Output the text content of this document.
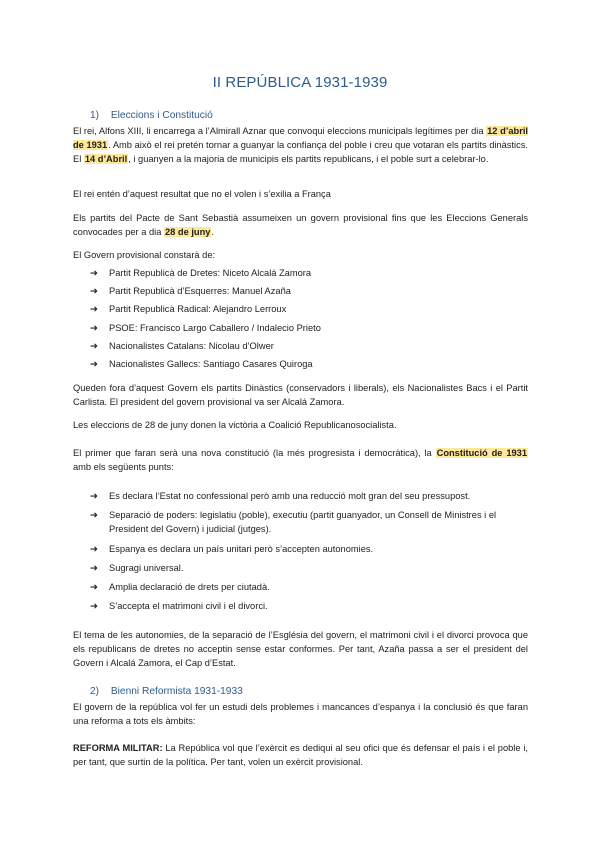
II REPÚBLICA 1931-1939
1) Eleccions i Constitució
El rei, Alfons XIII, li encarrega a l’Almirall Aznar que convoqui eleccions municipals legítimes per dia 12 d’abril de 1931. Amb això el rei pretén tornar a guanyar la confiança del poble i creu que votaran els partits dinàstics. El 14 d’Abril, i guanyen a la majoria de municipis els partits republicans, i el poble surt a celebrar-lo.
El rei entén d’aquest resultat que no el volen i s’exilia a França
Els partits del Pacte de Sant Sebastià assumeixen un govern provisional fins que les Eleccions Generals convocades per a dia 28 de juny.
El Govern provisional constarà de:
➔ Partit Republicà de Dretes: Niceto Alcalá Zamora
➔ Partit Republicà d’Esquerres: Manuel Azaña
➔ Partit Republicà Radical: Alejandro Lerroux
➔ PSOE: Francisco Largo Caballero / Indalecio Prieto
➔ Nacionalistes Catalans: Nicolau d’Olwer
➔ Nacionalistes Gallecs: Santiago Casares Quiroga
Queden fora d’aquest Govern els partits Dinàstics (conservadors i liberals), els Nacionalistes Bacs i el Partit Carlista. El president del govern provisional va ser Alcalá Zamora.
Les eleccions de 28 de juny donen la victòria a Coalició Republicanosocialista.
El primer que faran serà una nova constitució (la més progresista i democràtica), la Constitució de 1931 amb els següents punts:
➔ Es declara l’Estat no confessional però amb una reducció molt gran del seu pressupost.
➔ Separació de poders: legislatiu (poble), executiu (partit guanyador, un Consell de Ministres i el President del Govern) i judicial (jutges).
➔ Espanya es declara un país unitari però s’accepten autonomies.
➔ Sugragi universal.
➔ Amplia declaració de drets per ciutadà.
➔ S’accepta el matrimoni civil i el divorci.
El tema de les autonomies, de la separació de l’Església del govern, el matrimoni civil i el divorci provoca que els republicans de dretes no acceptin sense estar conformes. Per tant, Azaña passa a ser el president del Govern i Alcalá Zamora, el Cap d’Estat.
2) Bienni Reformista 1931-1933
El govern de la república vol fer un estudi dels problemes i mancances d’espanya i la conclusió és que faran una reforma a tots els àmbits:
REFORMA MILITAR: La República vol que l’exèrcit es dediqui al seu ofici que és defensar el país i el poble i, per tant, que surtin de la política. Per tant, volen un exèrcit provisional.
